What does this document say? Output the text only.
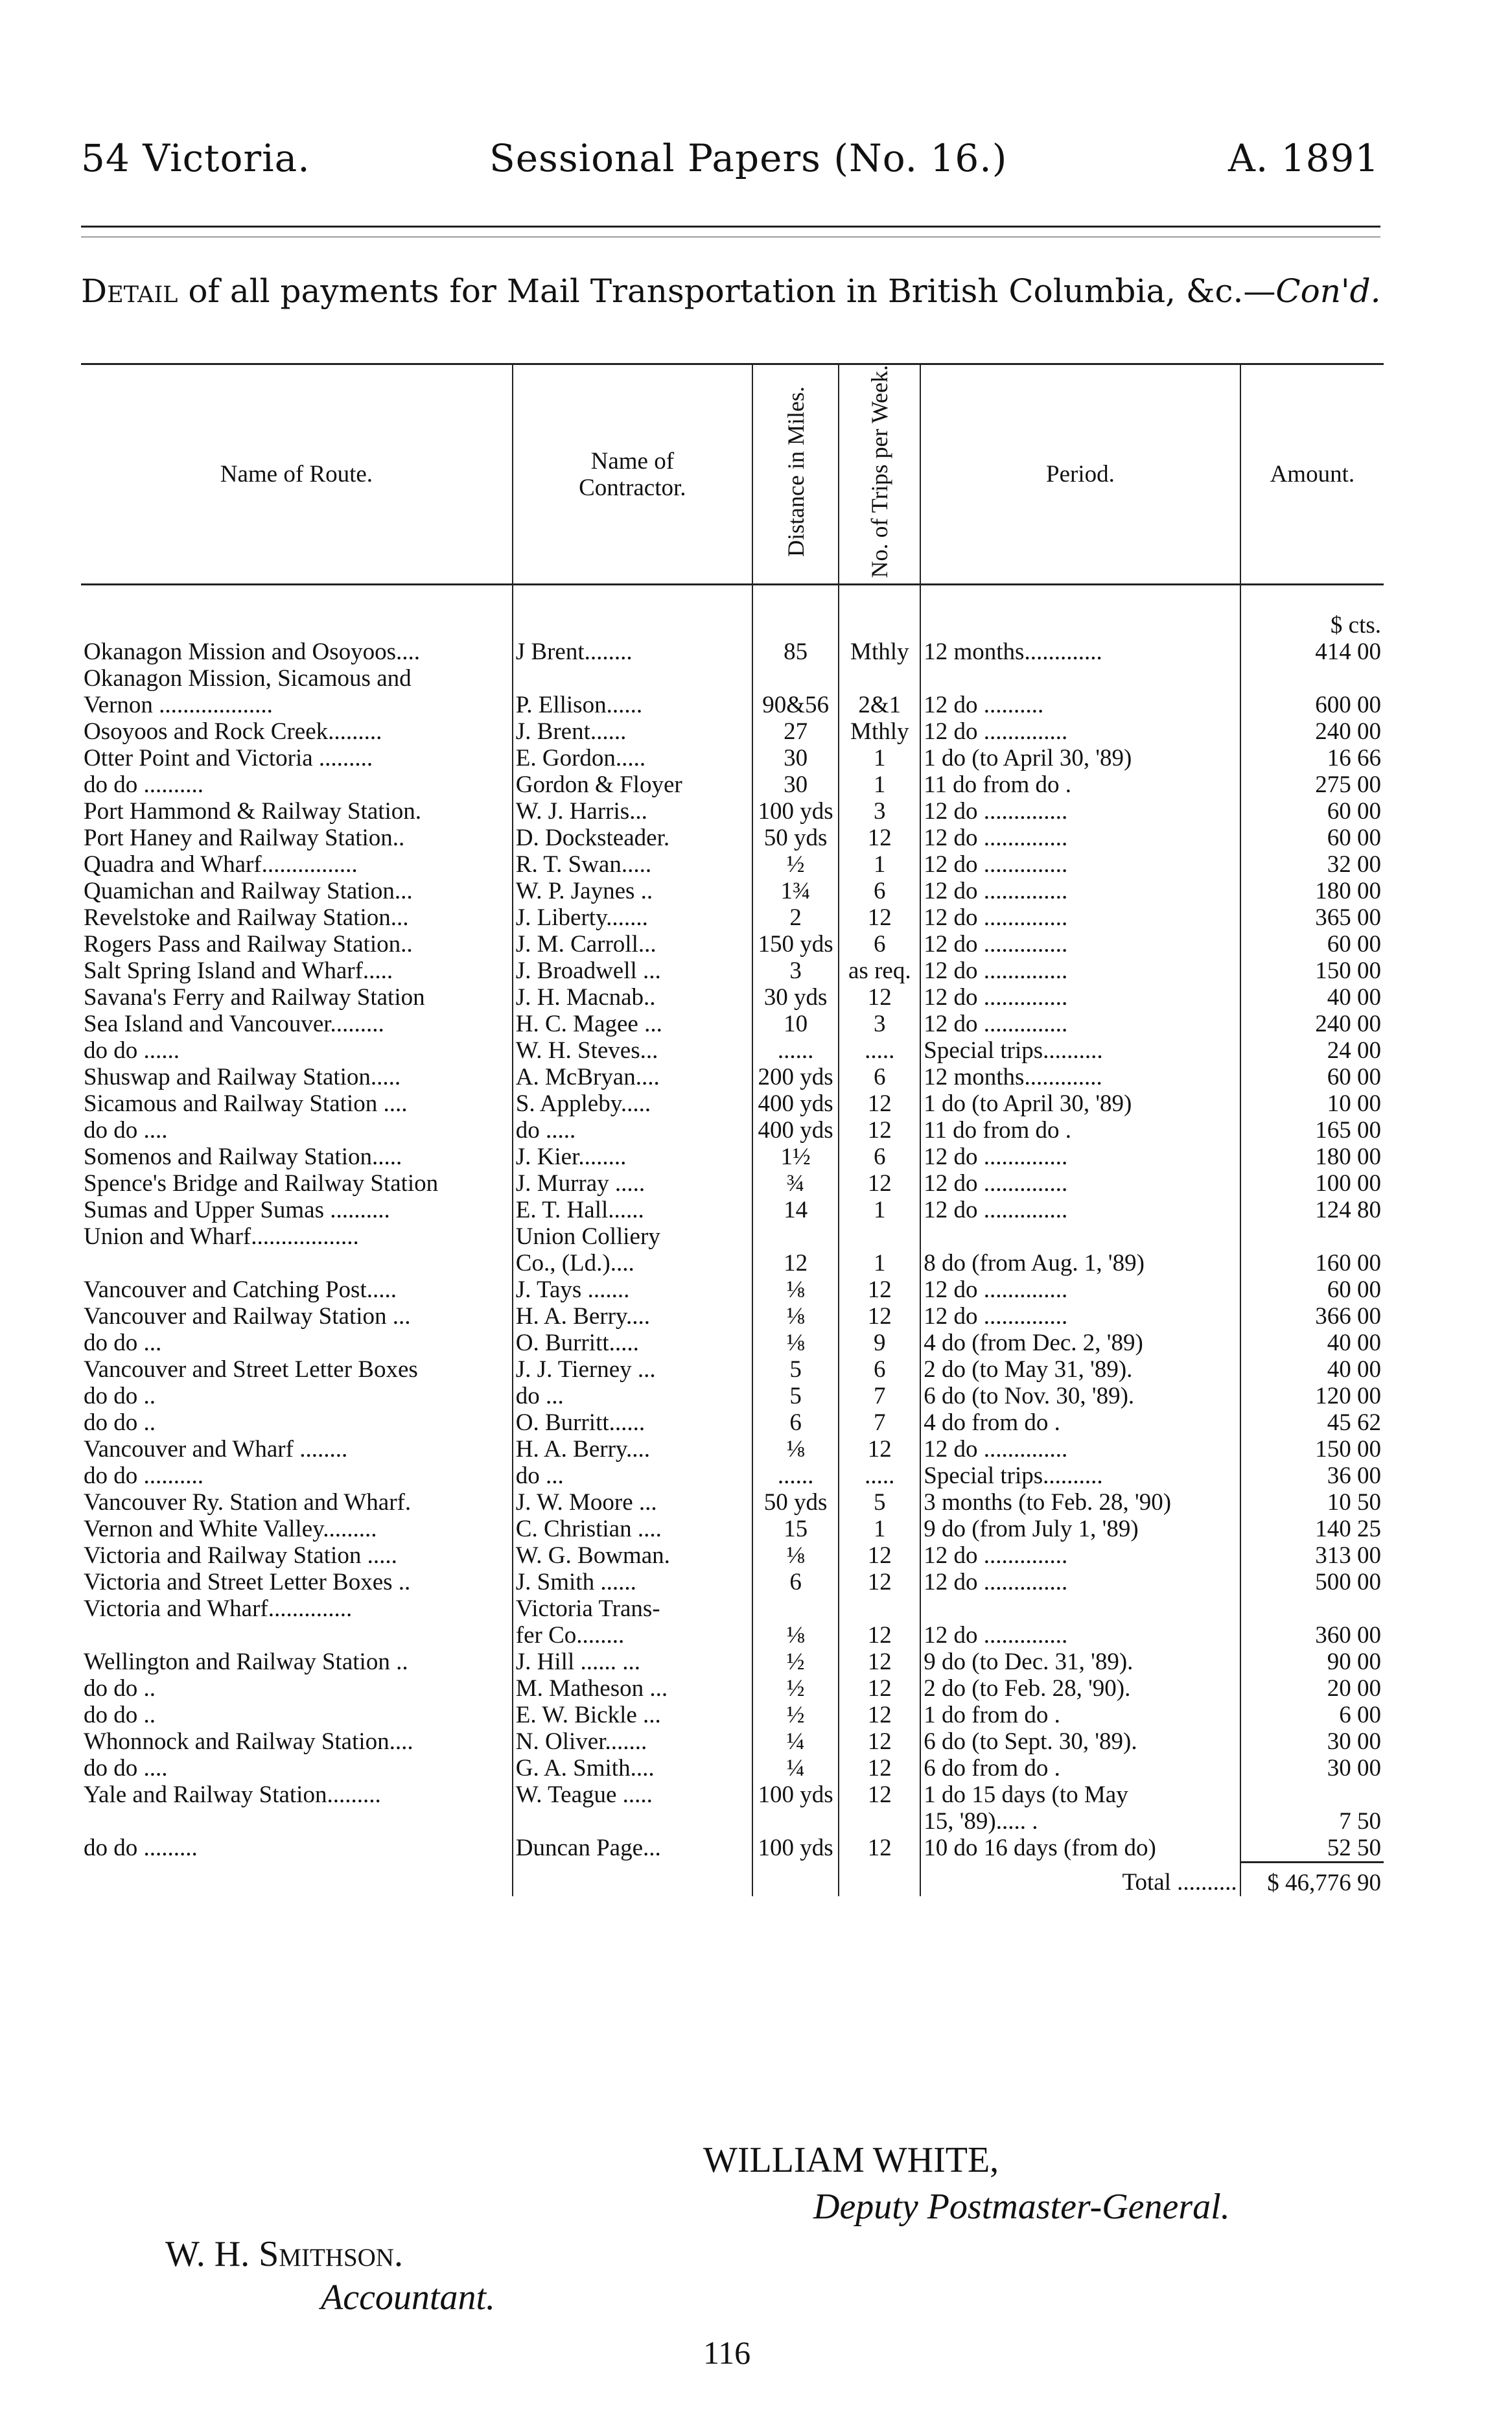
54 Victoria.	Sessional Papers (No. 16.)	A. 1891
Detail of all payments for Mail Transportation in British Columbia, &c.—Con'd.
Name of Route.	Name of Contractor.	Distance in Miles.	No. of Trips per Week.	Period.	Amount.

					$ cts.
Okanagon Mission and Osoyoos....	J Brent........	85	Mthly	12 months.............	414 00
Okanagon Mission, Sicamous and					
Vernon ...................	P. Ellison......	90&56	2&1	12 do ..........	600 00
Osoyoos and Rock Creek.........	J. Brent......	27	Mthly	12 do ..............	240 00
Otter Point and Victoria .........	E. Gordon.....	30	1	1 do (to April 30, '89)	16 66
do do ..........	Gordon & Floyer	30	1	11 do from do .	275 00

Port Hammond & Railway Station.	W. J. Harris...	100 yds	3	12 do ..............	60 00
Port Haney and Railway Station..	D. Docksteader.	50 yds	12	12 do ..............	60 00

Quadra and Wharf................	R. T. Swan.....	½	1	12 do ..............	32 00
Quamichan and Railway Station...	W. P. Jaynes ..	1¾	6	12 do ..............	180 00

Revelstoke and Railway Station...	J. Liberty.......	2	12	12 do ..............	365 00
Rogers Pass and Railway Station..	J. M. Carroll...	150 yds	6	12 do ..............	60 00

Salt Spring Island and Wharf.....	J. Broadwell ...	3	as req.	12 do ..............	150 00
Savana's Ferry and Railway Station	J. H. Macnab..	30 yds	12	12 do ..............	40 00
Sea Island and Vancouver.........	H. C. Magee ...	10	3	12 do ..............	240 00
do do ......	W. H. Steves...	......	.....	Special trips..........	24 00
Shuswap and Railway Station.....	A. McBryan....	200 yds	6	12 months.............	60 00
Sicamous and Railway Station ....	S. Appleby.....	400 yds	12	1 do (to April 30, '89)	10 00
do do ....	do .....	400 yds	12	11 do from do .	165 00
Somenos and Railway Station.....	J. Kier........	1½	6	12 do ..............	180 00
Spence's Bridge and Railway Station	J. Murray .....	¾	12	12 do ..............	100 00
Sumas and Upper Sumas ..........	E. T. Hall......	14	1	12 do ..............	124 80

Union and Wharf..................	Union Colliery				
	Co., (Ld.)....	12	1	8 do (from Aug. 1, '89)	160 00

Vancouver and Catching Post.....	J. Tays .......	⅛	12	12 do ..............	60 00
Vancouver and Railway Station ...	H. A. Berry....	⅛	12	12 do ..............	366 00
do do ...	O. Burritt.....	⅛	9	4 do (from Dec. 2, '89)	40 00
Vancouver and Street Letter Boxes	J. J. Tierney ...	5	6	2 do (to May 31, '89).	40 00
do do ..	do ...	5	7	6 do (to Nov. 30, '89).	120 00
do do ..	O. Burritt......	6	7	4 do from do .	45 62
Vancouver and Wharf ........	H. A. Berry....	⅛	12	12 do ..............	150 00
do do ..........	do ...	......	.....	Special trips..........	36 00
Vancouver Ry. Station and Wharf.	J. W. Moore ...	50 yds	5	3 months (to Feb. 28, '90)	10 50
Vernon and White Valley.........	C. Christian ....	15	1	9 do (from July 1, '89)	140 25
Victoria and Railway Station .....	W. G. Bowman.	⅛	12	12 do ..............	313 00
Victoria and Street Letter Boxes ..	J. Smith ......	6	12	12 do ..............	500 00
Victoria and Wharf..............	Victoria Trans-				
	fer Co........	⅛	12	12 do ..............	360 00

Wellington and Railway Station ..	J. Hill ...... ...	½	12	9 do (to Dec. 31, '89).	90 00
do do ..	M. Matheson ...	½	12	2 do (to Feb. 28, '90).	20 00
do do ..	E. W. Bickle ...	½	12	1 do from do .	6 00
Whonnock and Railway Station....	N. Oliver.......	¼	12	6 do (to Sept. 30, '89).	30 00
do do ....	G. A. Smith....	¼	12	6 do from do .	30 00

Yale and Railway Station.........	W. Teague .....	100 yds	12	1 do 15 days (to May	
				15, '89)..... .	7 50
do do .........	Duncan Page...	100 yds	12	10 do 16 days (from do)	52 50
				Total ..........	$ 46,776 90
WILLIAM WHITE,
Deputy Postmaster-General.
W. H. Smithson.
Accountant.
116
